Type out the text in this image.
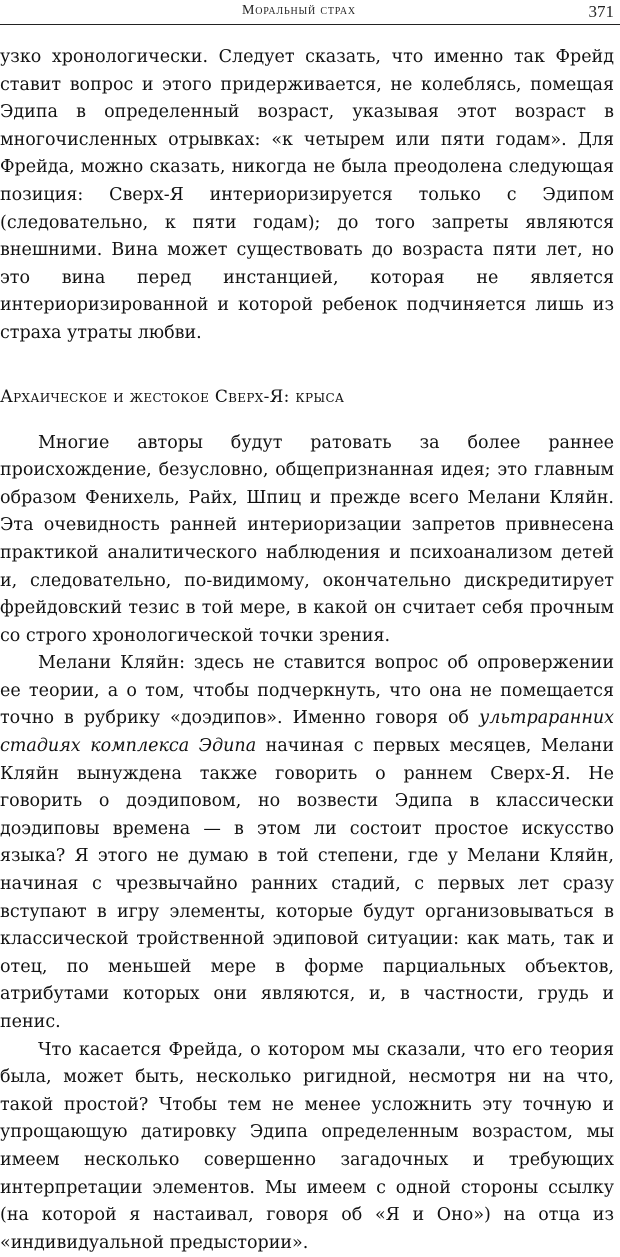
Моральный страх	371

узко хронологически. Следует сказать, что именно так Фрейд ставит вопрос и этого придерживается, не колеблясь, помещая Эдипа в определенный возраст, указывая этот возраст в многочисленных отрывках: «к четырем или пяти годам». Для Фрейда, можно сказать, никогда не была преодолена следующая позиция: Сверх-Я интериоризируется только с Эдипом (следовательно, к пяти годам); до того запреты являются внешними. Вина может существовать до возраста пяти лет, но это вина перед инстанцией, которая не является интериоризированной и которой ребенок подчиняется лишь из страха утраты любви.

Архаическое и жестокое Сверх-Я: крыса

Многие авторы будут ратовать за более раннее происхождение, безусловно, общепризнанная идея; это главным образом Фенихель, Райх, Шпиц и прежде всего Мелани Кляйн. Эта очевидность ранней интериоризации запретов привнесена практикой аналитического наблюдения и психоанализом детей и, следовательно, по-видимому, окончательно дискредитирует фрейдовский тезис в той мере, в какой он считает себя прочным со строго хронологической точки зрения.

Мелани Кляйн: здесь не ставится вопрос об опровержении ее теории, а о том, чтобы подчеркнуть, что она не помещается точно в рубрику «доэдипов». Именно говоря об ультраранних стадиях комплекса Эдипа начиная с первых месяцев, Мелани Кляйн вынуждена также говорить о раннем Сверх-Я. Не говорить о доэдиповом, но возвести Эдипа в классически доэдиповы времена — в этом ли состоит простое искусство языка? Я этого не думаю в той степени, где у Мелани Кляйн, начиная с чрезвычайно ранних стадий, с первых лет сразу вступают в игру элементы, которые будут организовываться в классической тройственной эдиповой ситуации: как мать, так и отец, по меньшей мере в форме парциальных объектов, атрибутами которых они являются, и, в частности, грудь и пенис.

Что касается Фрейда, о котором мы сказали, что его теория была, может быть, несколько ригидной, несмотря ни на что, такой простой? Чтобы тем не менее усложнить эту точную и упрощающую датировку Эдипа определенным возрастом, мы имеем несколько совершенно загадочных и требующих интерпретации элементов. Мы имеем с одной стороны ссылку (на которой я настаивал, говоря об «Я и Оно») на отца из «индивидуальной предыстории».
